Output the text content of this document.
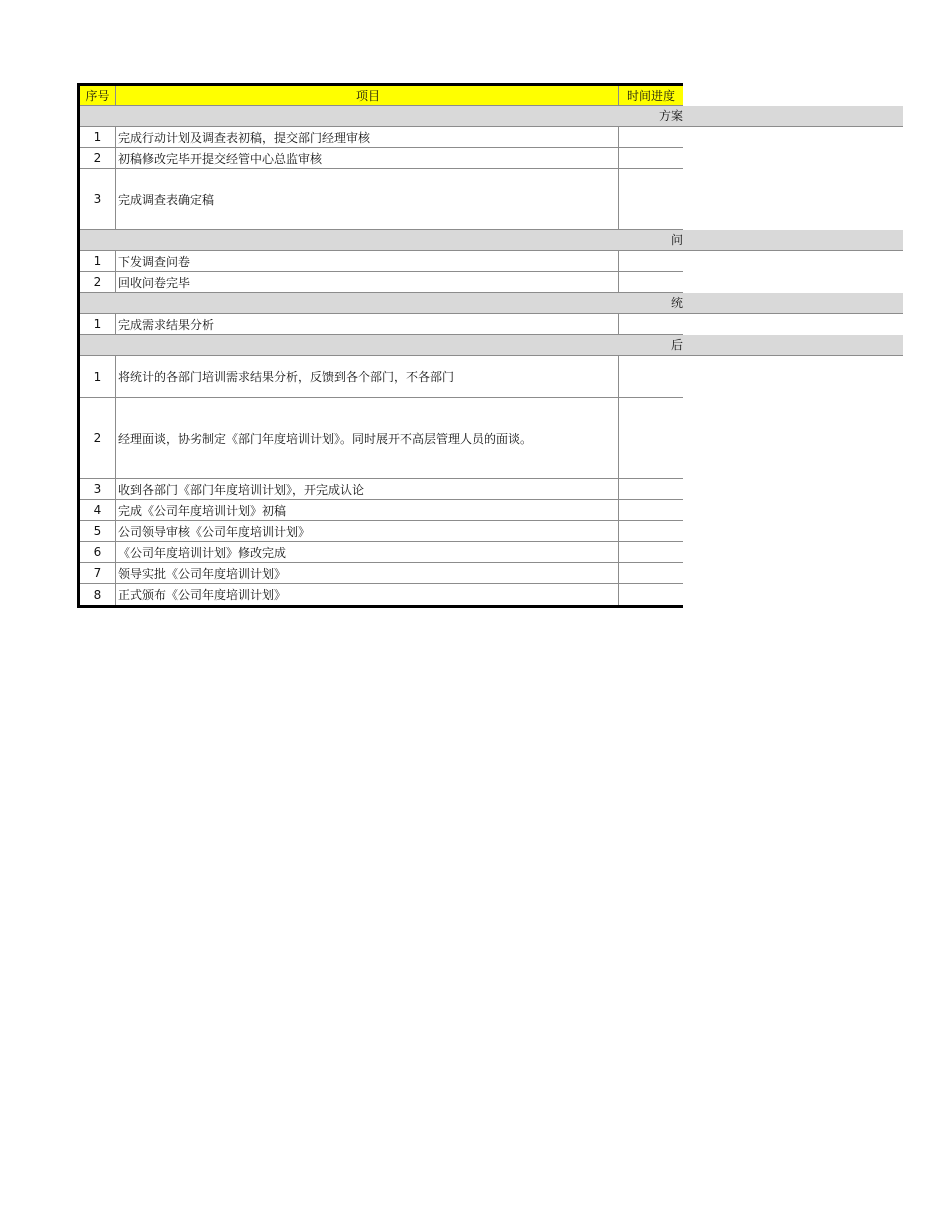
序号	项目	时间进度
方案
1	完成行动计划及调查表初稿，提交部门经理审核
2	初稿修改完毕开提交经管中心总监审核
3	完成调查表确定稿
问
1	下发调查问卷
2	回收问卷完毕
统
1	完成需求结果分析
后
1	将统计的各部门培训需求结果分析，反馈到各个部门，不各部门
2	经理面谈，协劣制定《部门年度培训计划》。同时展开不高层管理人员的面谈。
3	收到各部门《部门年度培训计划》，开完成认论
4	完成《公司年度培训计划》初稿
5	公司领导审核《公司年度培训计划》
6	《公司年度培训计划》修改完成
7	领导实批《公司年度培训计划》
8	正式颁布《公司年度培训计划》
